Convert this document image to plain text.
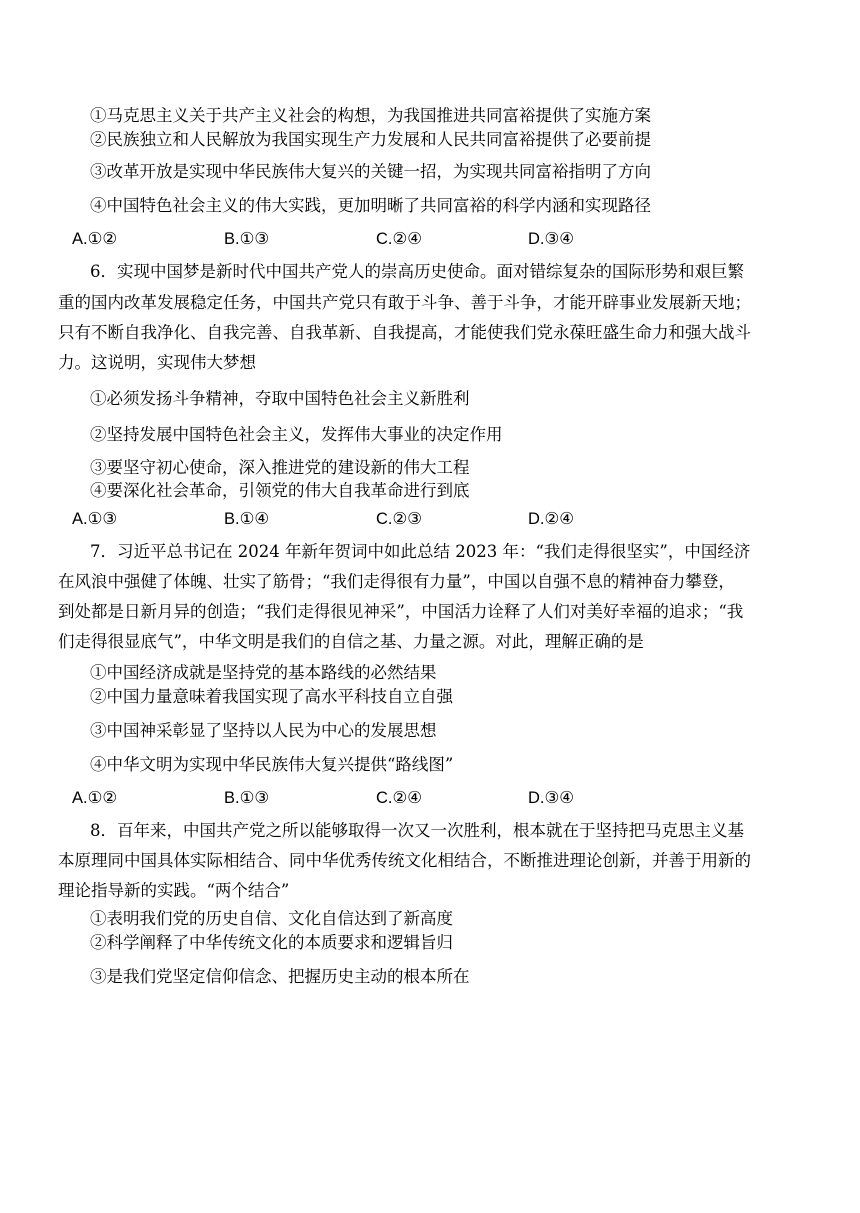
①马克思主义关于共产主义社会的构想，为我国推进共同富裕提供了实施方案
②民族独立和人民解放为我国实现生产力发展和人民共同富裕提供了必要前提
③改革开放是实现中华民族伟大复兴的关键一招，为实现共同富裕指明了方向
④中国特色社会主义的伟大实践，更加明晰了共同富裕的科学内涵和实现路径
A.①②	B.①③	C.②④	D.③④
6．实现中国梦是新时代中国共产党人的崇高历史使命。面对错综复杂的国际形势和艰巨繁
重的国内改革发展稳定任务，中国共产党只有敢于斗争、善于斗争，才能开辟事业发展新天地；
只有不断自我净化、自我完善、自我革新、自我提高，才能使我们党永葆旺盛生命力和强大战斗
力。这说明，实现伟大梦想
①必须发扬斗争精神，夺取中国特色社会主义新胜利
②坚持发展中国特色社会主义，发挥伟大事业的决定作用
③要坚守初心使命，深入推进党的建设新的伟大工程
④要深化社会革命，引领党的伟大自我革命进行到底
A.①③	B.①④	C.②③	D.②④
7．习近平总书记在 2024 年新年贺词中如此总结 2023 年：“我们走得很坚实”，中国经济
在风浪中强健了体魄、壮实了筋骨；“我们走得很有力量”，中国以自强不息的精神奋力攀登，
到处都是日新月异的创造；“我们走得很见神采”，中国活力诠释了人们对美好幸福的追求；“我
们走得很显底气”，中华文明是我们的自信之基、力量之源。对此，理解正确的是
①中国经济成就是坚持党的基本路线的必然结果
②中国力量意味着我国实现了高水平科技自立自强
③中国神采彰显了坚持以人民为中心的发展思想
④中华文明为实现中华民族伟大复兴提供“路线图”
A.①②	B.①③	C.②④	D.③④
8．百年来，中国共产党之所以能够取得一次又一次胜利，根本就在于坚持把马克思主义基
本原理同中国具体实际相结合、同中华优秀传统文化相结合，不断推进理论创新，并善于用新的
理论指导新的实践。“两个结合”
①表明我们党的历史自信、文化自信达到了新高度
②科学阐释了中华传统文化的本质要求和逻辑旨归
③是我们党坚定信仰信念、把握历史主动的根本所在
